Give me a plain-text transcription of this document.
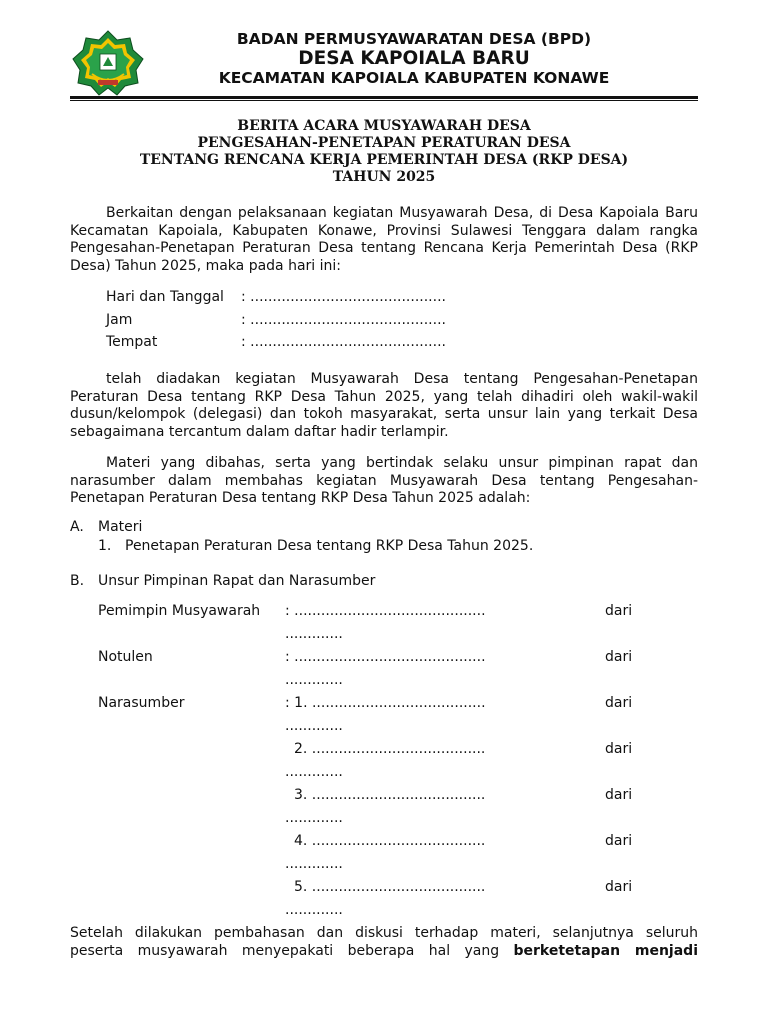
BADAN PERMUSYAWARATAN DESA (BPD)
DESA KAPOIALA BARU
KECAMATAN KAPOIALA KABUPATEN KONAWE
BERITA ACARA MUSYAWARAH DESA
PENGESAHAN-PENETAPAN PERATURAN DESA
TENTANG RENCANA KERJA PEMERINTAH DESA (RKP DESA)
TAHUN 2025
Berkaitan dengan pelaksanaan kegiatan Musyawarah Desa, di Desa Kapoiala Baru Kecamatan Kapoiala, Kabupaten Konawe, Provinsi Sulawesi Tenggara dalam rangka Pengesahan-Penetapan Peraturan Desa tentang Rencana Kerja Pemerintah Desa (RKP Desa) Tahun 2025, maka pada hari ini:
Hari dan Tanggal : ............................................
Jam	: ............................................
Tempat	: ............................................
telah diadakan kegiatan Musyawarah Desa tentang Pengesahan-Penetapan Peraturan Desa tentang RKP Desa Tahun 2025, yang telah dihadiri oleh wakil-wakil dusun/kelompok (delegasi) dan tokoh masyarakat, serta unsur lain yang terkait Desa sebagaimana tercantum dalam daftar hadir terlampir.
Materi yang dibahas, serta yang bertindak selaku unsur pimpinan rapat dan narasumber dalam membahas kegiatan Musyawarah Desa tentang Pengesahan-Penetapan Peraturan Desa tentang RKP Desa Tahun 2025 adalah:
A. Materi
1. Penetapan Peraturan Desa tentang RKP Desa Tahun 2025.
B. Unsur Pimpinan Rapat dan Narasumber
Pemimpin Musyawarah : ...........................................	dari
.............
Notulen	: ...........................................	dari
.............
Narasumber	: 1. .......................................	dari
.............
2. .......................................	dari
.............
3. .......................................	dari
.............
4. .......................................	dari
.............
5. .......................................	dari
.............
Setelah dilakukan pembahasan dan diskusi terhadap materi, selanjutnya seluruh
peserta musyawarah menyepakati beberapa hal yang berketetapan menjadi
